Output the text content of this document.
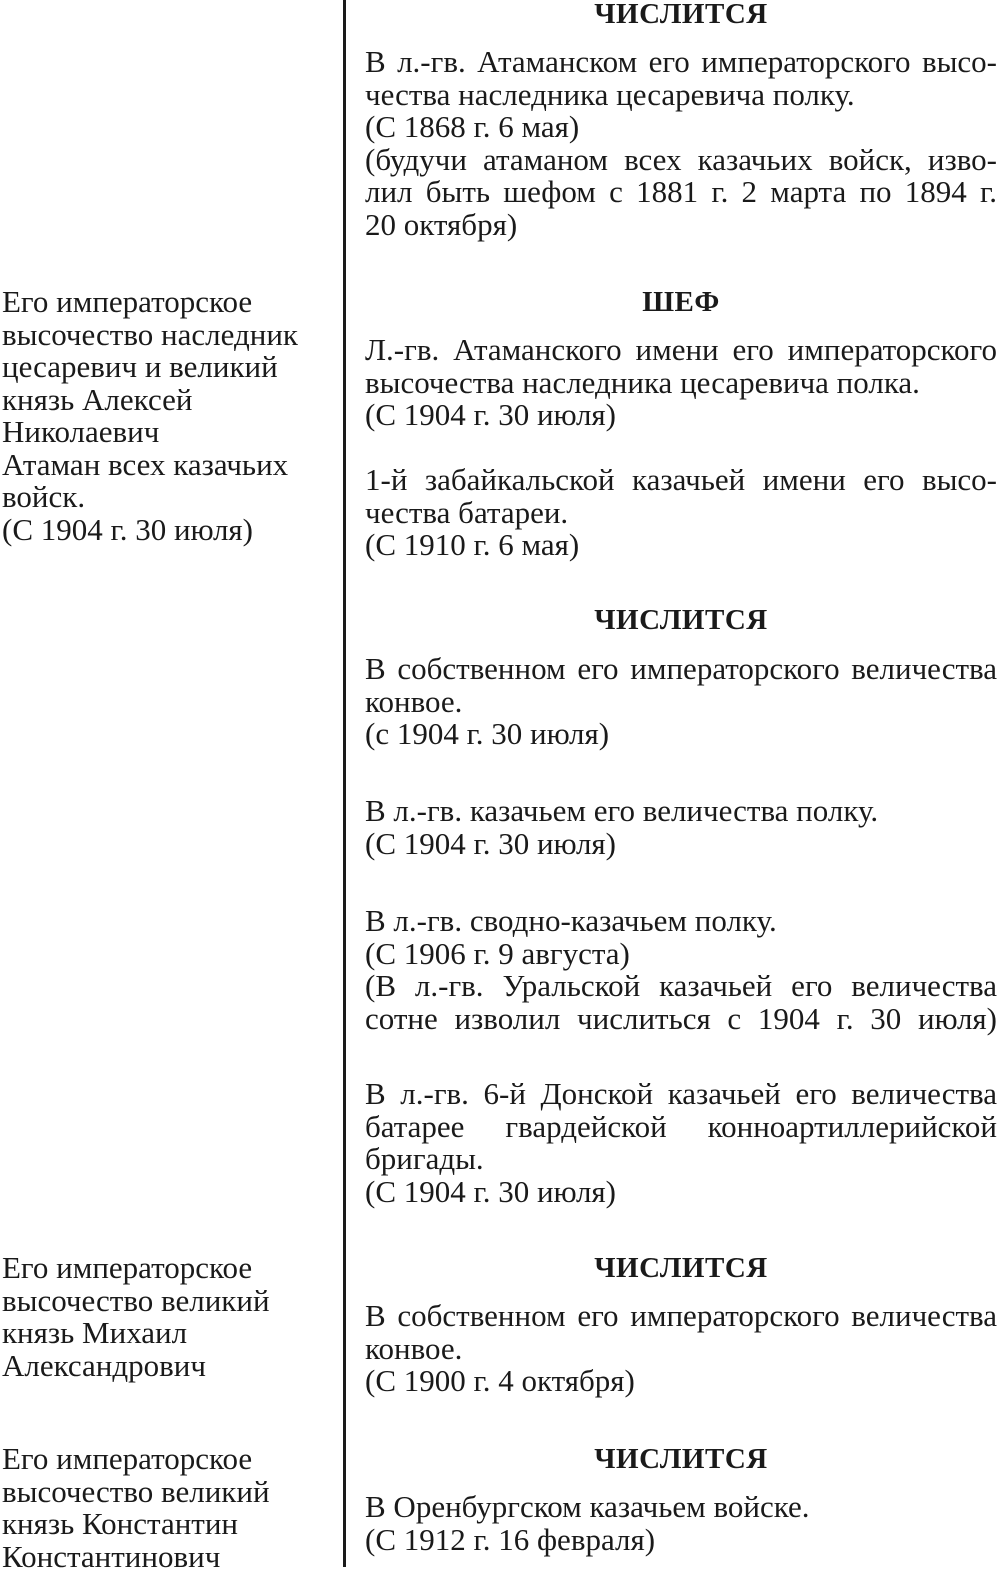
Его императорское
высочество наследник
цесаревич и великий
князь Алексей
Николаевич
Атаман всех казачьих
войск.
(С 1904 г. 30 июля)
Его императорское
высочество великий
князь Михаил
Александрович
Его императорское
высочество великий
князь Константин
Константинович
ЧИСЛИТСЯ
В л.-гв. Атаманском его императорского высо-
чества наследника цесаревича полку.
(С 1868 г. 6 мая)
(будучи атаманом всех казачьих войск, изво-
лил быть шефом с 1881 г. 2 марта по 1894 г.
20 октября)
ШЕФ
Л.-гв. Атаманского имени его императорского
высочества наследника цесаревича полка.
(С 1904 г. 30 июля)
1-й забайкальской казачьей имени его высо-
чества батареи.
(С 1910 г. 6 мая)
ЧИСЛИТСЯ
В собственном его императорского величества
конвое.
(с 1904 г. 30 июля)
В л.-гв. казачьем его величества полку.
(С 1904 г. 30 июля)
В л.-гв. сводно-казачьем полку.
(С 1906 г. 9 августа)
(В л.-гв. Уральской казачьей его величества
сотне изволил числиться с 1904 г. 30 июля)
В л.-гв. 6-й Донской казачьей его величества
батарее гвардейской конноартиллерийской
бригады.
(С 1904 г. 30 июля)
ЧИСЛИТСЯ
В собственном его императорского величества
конвое.
(С 1900 г. 4 октября)
ЧИСЛИТСЯ
В Оренбургском казачьем войске.
(С 1912 г. 16 февраля)
